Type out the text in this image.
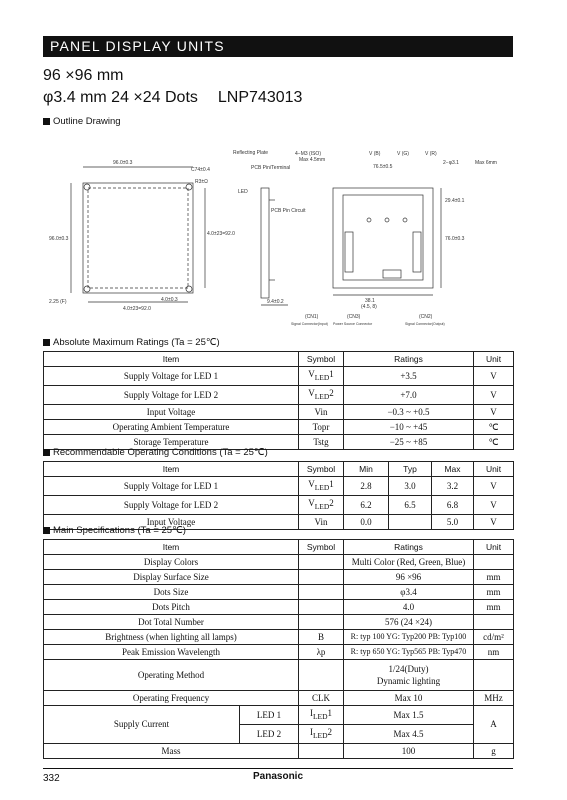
PANEL DISPLAY UNITS
96 ×96 mm
φ3.4 mm 24 ×24 Dots LNP743013
Outline Drawing
96.0±0.3
C74±0.4
R3±Ω
96.0±0.3
4.0±23=92.0
4.0±23=92.0
4.0±0.3
2.25 (F)
LED
Reflecting Plate
PCB Pin/Terminal
PCB Pin Circuit
9.4±0.2
4−M3 (ISO)
Max 4.5mm
V (B)	V (G)	V (R)
76.5±0.5
2−φ3.1	Max 6mm
(CN1)
Signal Connector(Input)
(CN3)
Power Source Connector
(CN2)
Signal Connector(Output)
76.0±0.3
29.4±0.1
38.1
(4.5, 8)
Absolute Maximum Ratings (Ta = 25℃)
Item	Symbol	Ratings	Unit
Supply Voltage for LED 1	$V_{LED}1$	+3.5	V
Supply Voltage for LED 2	$V_{LED}2$	+7.0	V
Input Voltage	Vin	−0.3 ~ +0.5	V
Operating Ambient Temperature	Topr	−10 ~ +45	℃
Storage Temperature	Tstg	−25 ~ +85	℃
Recommendable Operating Conditions (Ta = 25℃)
Item	Symbol	Min	Typ	Max	Unit
Supply Voltage for LED 1	$V_{LED}1$	2.8	3.0	3.2	V
Supply Voltage for LED 2	$V_{LED}2$	6.2	6.5	6.8	V
Input Voltage	Vin	0.0		5.0	V
Main Specifications (Ta = 25℃)
Item		Symbol	Ratings	Unit
Display Colors			Multi Color (Red, Green, Blue)	
Display Surface Size			96 ×96	mm
Dots Size			φ3.4	mm
Dots Pitch			4.0	mm
Dot Total Number			576 (24 ×24)	
Brightness (when lighting all lamps)		B	R: typ 100 YG: Typ200 PB: Typ100	cd/m²
Peak Emission Wavelength		λp	R: typ 650 YG: Typ565 PB: Typ470	nm
Operating Method			1/24(Duty)
Dynamic lighting	
Operating Frequency		CLK	Max 10	MHz
Supply Current	LED 1	$I_{LED}1$	Max 1.5	A
	LED 2	$I_{LED}2$	Max 4.5	
Mass			100	g
332	Panasonic
